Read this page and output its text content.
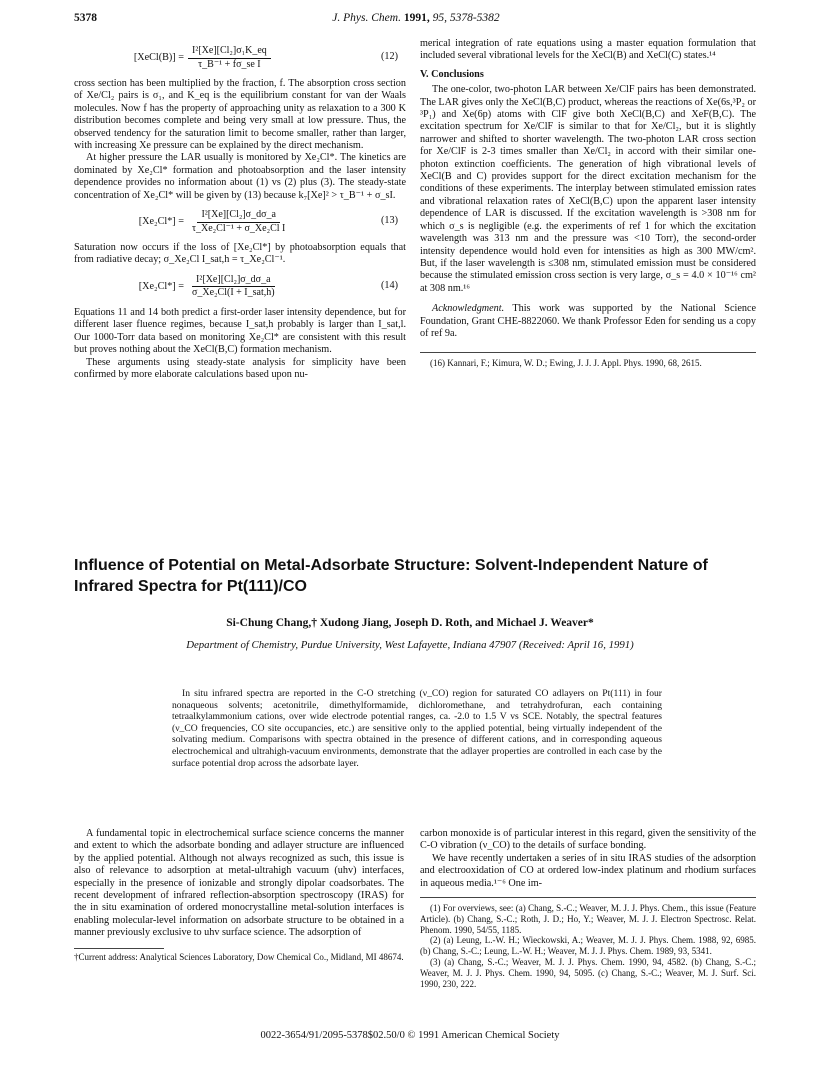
5378	J. Phys. Chem. 1991, 95, 5378-5382
[XeCl(B)] = $\frac{\text{I²[Xe][Cl₂]σ₁K\_eq}}{\text{τ\_B⁻¹ + fσ\_se I}}$	(12)

cross section has been multiplied by the fraction, f. The absorption cross section of Xe/Cl₂ pairs is σ₁, and K_eq is the equilibrium constant for van der Waals molecules. Now f has the property of approaching unity as relaxation to a 300 K distribution becomes complete and being very small at low pressure. Thus, the observed tendency for the saturation limit to become smaller, rather than larger, with increasing Xe pressure can be explained by the direct mechanism.

At higher pressure the LAR usually is monitored by Xe₂Cl*. The kinetics are dominated by Xe₂Cl* formation and photoabsorption and the laser intensity dependence provides no information about (1) vs (2) plus (3). The steady-state concentration of Xe₂Cl* will be given by (13) because k₇[Xe]² > τ_B⁻¹ + σ_sI.

$[Xe_2Cl*] = \frac{\text{I²[Xe][Cl₂]σ\_dσ\_a}}{\text{τ\_Xe₂Cl⁻¹ + σ\_Xe₂Cl I}}$	(13)

Saturation now occurs if the loss of [Xe₂Cl*] by photoabsorption equals that from radiative decay; σ_Xe₂Cl I_sat,h = τ_Xe₂Cl⁻¹.

$[Xe_2Cl*] = \frac{\text{I²[Xe][Cl₂]σ\_dσ\_a}}{\text{σ\_Xe₂Cl(I + I\_sat,h)}}$	(14)

Equations 11 and 14 both predict a first-order laser intensity dependence, but for different laser fluence regimes, because I_sat,h probably is larger than I_sat,l. Our 1000-Torr data based on monitoring Xe₂Cl* are consistent with this result but proves nothing about the XeCl(B,C) formation mechanism.

These arguments using steady-state analysis for simplicity have been confirmed by more elaborate calculations based upon nu-

merical integration of rate equations using a master equation formulation that included several vibrational levels for the XeCl(B) and XeCl(C) states.¹⁴

V. Conclusions

The one-color, two-photon LAR between Xe/ClF pairs has been demonstrated. The LAR gives only the XeCl(B,C) product, whereas the reactions of Xe(6s,³P₂ or ³P₁) and Xe(6p) atoms with ClF give both XeCl(B,C) and XeF(B,C). The excitation spectrum for Xe/ClF is similar to that for Xe/Cl₂, but it is slightly narrower and shifted to shorter wavelength. The two-photon LAR cross section for Xe/ClF is 2-3 times smaller than Xe/Cl₂ in accord with their similar one-photon extinction coefficients. The generation of high vibrational levels of XeCl(B and C) provides support for the direct excitation mechanism for the conditions of these experiments. The interplay between stimulated emission rates and vibrational relaxation rates of XeCl(B,C) upon the apparent laser intensity dependence of LAR is discussed. If the excitation wavelength is >308 nm for which σ_s is negligible (e.g. the experiments of ref 1 for which the excitation wavelength was 313 nm and the pressure was <10 Torr), the second-order intensity dependence would hold even for intensities as high as 300 MW/cm². But, if the laser wavelength is ≤308 nm, stimulated emission must be considered because the stimulated emission cross section is very large, σ_s = 4.0 × 10⁻¹⁶ cm² at 308 nm.¹⁶

Acknowledgment. This work was supported by the National Science Foundation, Grant CHE-8822060. We thank Professor Eden for sending us a copy of ref 9a.

(16) Kannari, F.; Kimura, W. D.; Ewing, J. J. J. Appl. Phys. 1990, 68, 2615.

Influence of Potential on Metal-Adsorbate Structure: Solvent-Independent Nature of Infrared Spectra for Pt(111)/CO
Si-Chung Chang,† Xudong Jiang, Joseph D. Roth, and Michael J. Weaver*
Department of Chemistry, Purdue University, West Lafayette, Indiana 47907 (Received: April 16, 1991)

In situ infrared spectra are reported in the C-O stretching (ν_CO) region for saturated CO adlayers on Pt(111) in four nonaqueous solvents; acetonitrile, dimethylformamide, dichloromethane, and tetrahydrofuran, each containing tetraalkylammonium cations, over wide electrode potential ranges, ca. -2.0 to 1.5 V vs SCE. Notably, the spectral features (ν_CO frequencies, CO site occupancies, etc.) are sensitive only to the applied potential, being virtually independent of the solvating medium. Comparisons with spectra obtained in the presence of different cations, and in corresponding aqueous electrochemical and ultrahigh-vacuum environments, demonstrate that the adlayer properties are controlled in each case by the surface potential drop across the adsorbate layer.

A fundamental topic in electrochemical surface science concerns the manner and extent to which the adsorbate bonding and adlayer structure are influenced by the applied potential. Although not always recognized as such, this issue is also of relevance to adsorption at metal-ultrahigh vacuum (uhv) interfaces, especially in the presence of ionizable and strongly dipolar coadsorbates. The recent development of infrared reflection-absorption spectroscopy (IRAS) for the in situ examination of ordered monocrystalline metal-solution interfaces is enabling molecular-level information on adsorbate structure to be obtained in a manner previously exclusive to uhv surface science. The adsorption of

†Current address: Analytical Sciences Laboratory, Dow Chemical Co., Midland, MI 48674.

carbon monoxide is of particular interest in this regard, given the sensitivity of the C-O vibration (ν_CO) to the details of surface bonding.

We have recently undertaken a series of in situ IRAS studies of the adsorption and electrooxidation of CO at ordered low-index platinum and rhodium surfaces in aqueous media.¹⁻⁶ One im-

(1) For overviews, see: (a) Chang, S.-C.; Weaver, M. J. J. Phys. Chem., this issue (Feature Article). (b) Chang, S.-C.; Roth, J. D.; Ho, Y.; Weaver, M. J. J. Electron Spectrosc. Relat. Phenom. 1990, 54/55, 1185.

(2) (a) Leung, L.-W. H.; Wieckowski, A.; Weaver, M. J. J. Phys. Chem. 1988, 92, 6985. (b) Chang, S.-C.; Leung, L.-W. H.; Weaver, M. J. J. Phys. Chem. 1989, 93, 5341.

(3) (a) Chang, S.-C.; Weaver, M. J. J. Phys. Chem. 1990, 94, 4582. (b) Chang, S.-C.; Weaver, M. J. J. Phys. Chem. 1990, 94, 5095. (c) Chang, S.-C.; Weaver, M. J. Surf. Sci. 1990, 230, 222.

0022-3654/91/2095-5378$02.50/0 © 1991 American Chemical Society
